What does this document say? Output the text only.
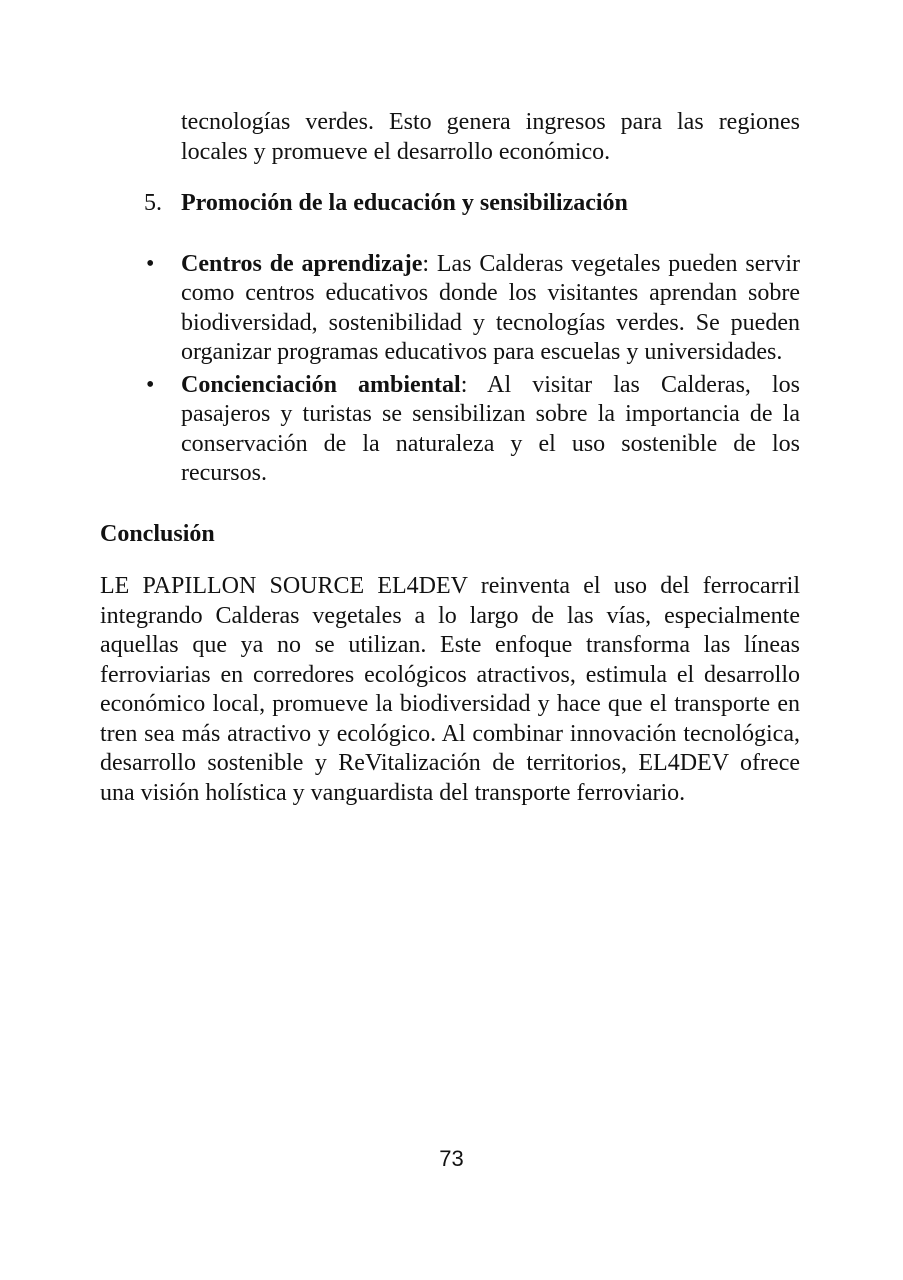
tecnologías verdes. Esto genera ingresos para las regiones locales y promueve el desarrollo económico.

5. Promoción de la educación y sensibilización
• Centros de aprendizaje: Las Calderas vegetales pueden servir como centros educativos donde los visitantes aprendan sobre biodiversidad, sostenibilidad y tecnologías verdes. Se pueden organizar programas educativos para escuelas y universidades.
• Concienciación ambiental: Al visitar las Calderas, los pasajeros y turistas se sensibilizan sobre la importancia de la conservación de la naturaleza y el uso sostenible de los recursos.
Conclusión

LE PAPILLON SOURCE EL4DEV reinventa el uso del ferrocarril integrando Calderas vegetales a lo largo de las vías, especialmente aquellas que ya no se utilizan. Este enfoque transforma las líneas ferroviarias en corredores ecológicos atractivos, estimula el desarrollo económico local, promueve la biodiversidad y hace que el transporte en tren sea más atractivo y ecológico. Al combinar innovación tecnológica, desarrollo sostenible y ReVitalización de territorios, EL4DEV ofrece una visión holística y vanguardista del transporte ferroviario.

73
